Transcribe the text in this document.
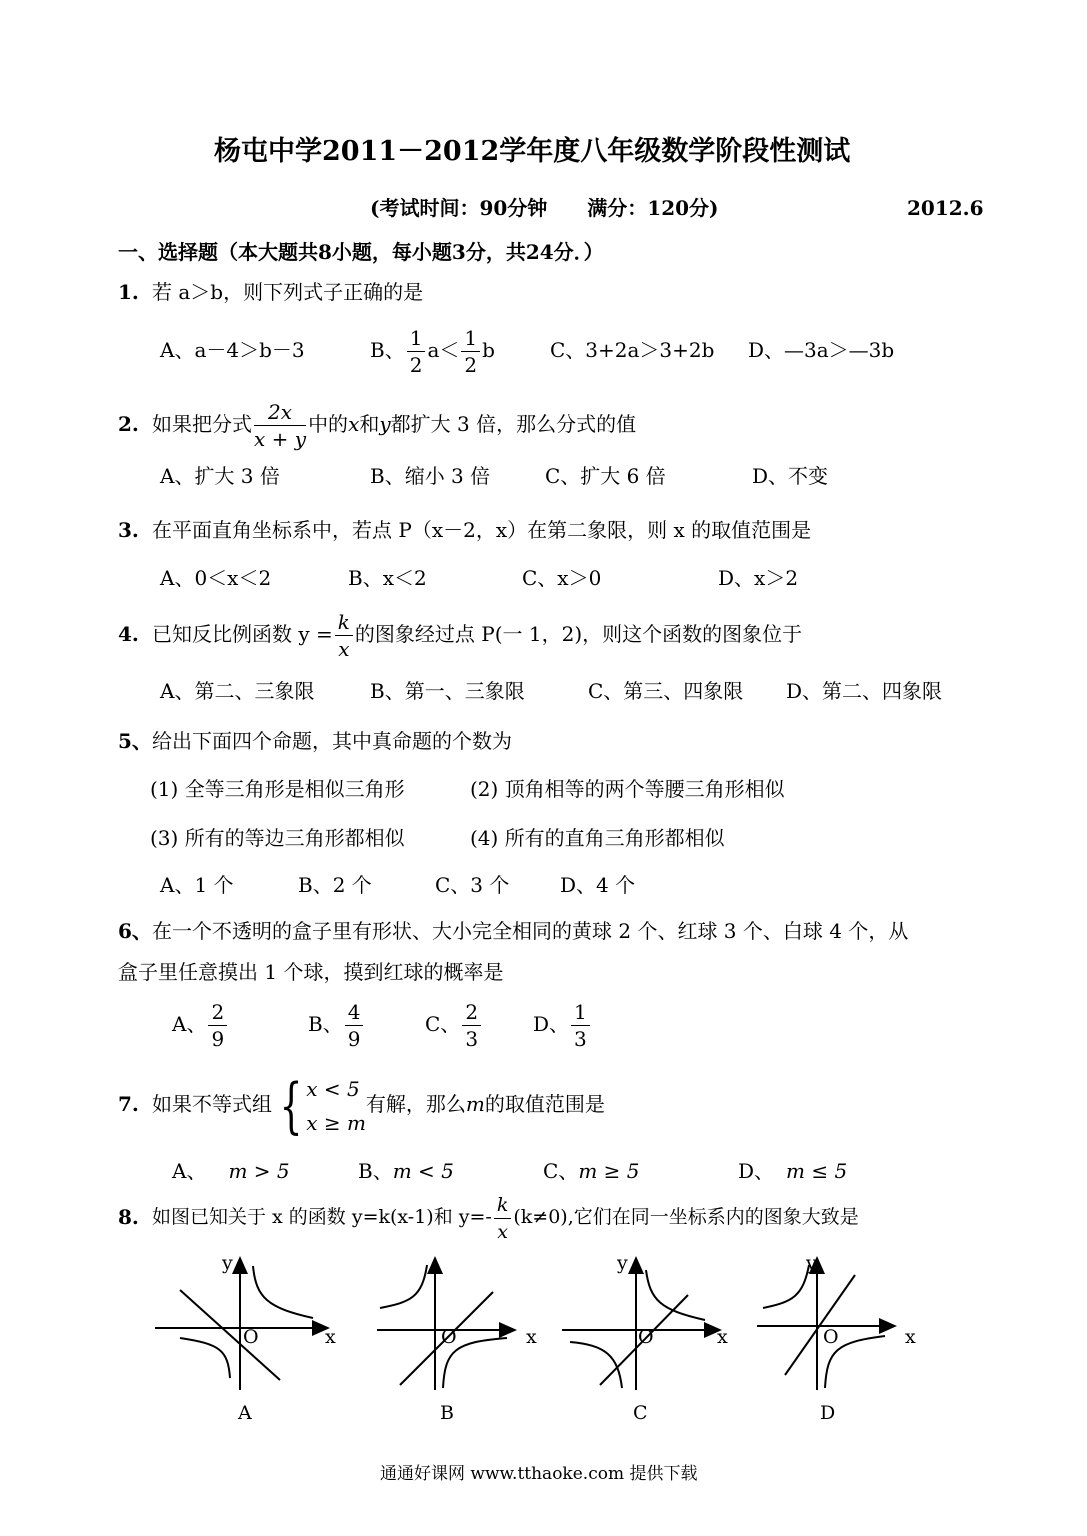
杨屯中学2011－2012学年度八年级数学阶段性测试
(考试时间：90分钟　　满分：120分)	2012.6
一、选择题（本大题共8小题，每小题3分，共24分．）
1. 若 a＞b，则下列式子正确的是
A、a－4＞b－3	B、 $\frac{1}{2} a< \frac{1}{2}$ b	C、3+2a＞3+2b D、—3a＞—3b
2. 如果把分式 $\frac{2x}{x + y}$ 中的x和y都扩大 3 倍，那么分式的值
A、扩大 3 倍	B、缩小 3 倍	C、扩大 6 倍	D、不变
3. 在平面直角坐标系中，若点 P（x－2，x）在第二象限，则 x 的取值范围是
A、0＜x＜2	B、x＜2	C、x＞0	D、x＞2
4. 已知反比例函数 $y = \frac{k}{x}$ 的图象经过点 P(一 1，2)，则这个函数的图象位于
A、第二、三象限	B、第一、三象限	C、第三、四象限 D、第二、四象限
5、 给出下面四个命题，其中真命题的个数为
(1) 全等三角形是相似三角形	(2) 顶角相等的两个等腰三角形相似
(3) 所有的等边三角形都相似	(4) 所有的直角三角形都相似
A、1 个	B、2 个	C、3 个	D、4 个
6、 在一个不透明的盒子里有形状、大小完全相同的黄球 2 个、红球 3 个、白球 4 个，从
盒子里任意摸出 1 个球，摸到红球的概率是
A、 $\frac{2}{9}$	B、 $\frac{4}{9}$	C、 $\frac{2}{3}$	D、 $\frac{1}{3}$
7. 如果不等式组 { x < 5
x ≥ m
有解，那么m的取值范围是
A、 m > 5	B、m < 5	C、m ≥ 5	D、 m ≤ 5
8. 如图已知关于 x 的函数 y=k(x-1)和 $y=- \frac{k}{x} (k\ne 0)$,它们在同一坐标系内的图象大致是
y
x
O
A
x
O
B
y
x
O
C
y
x
O
D
通通好课网 www.tthaoke.com 提供下载
